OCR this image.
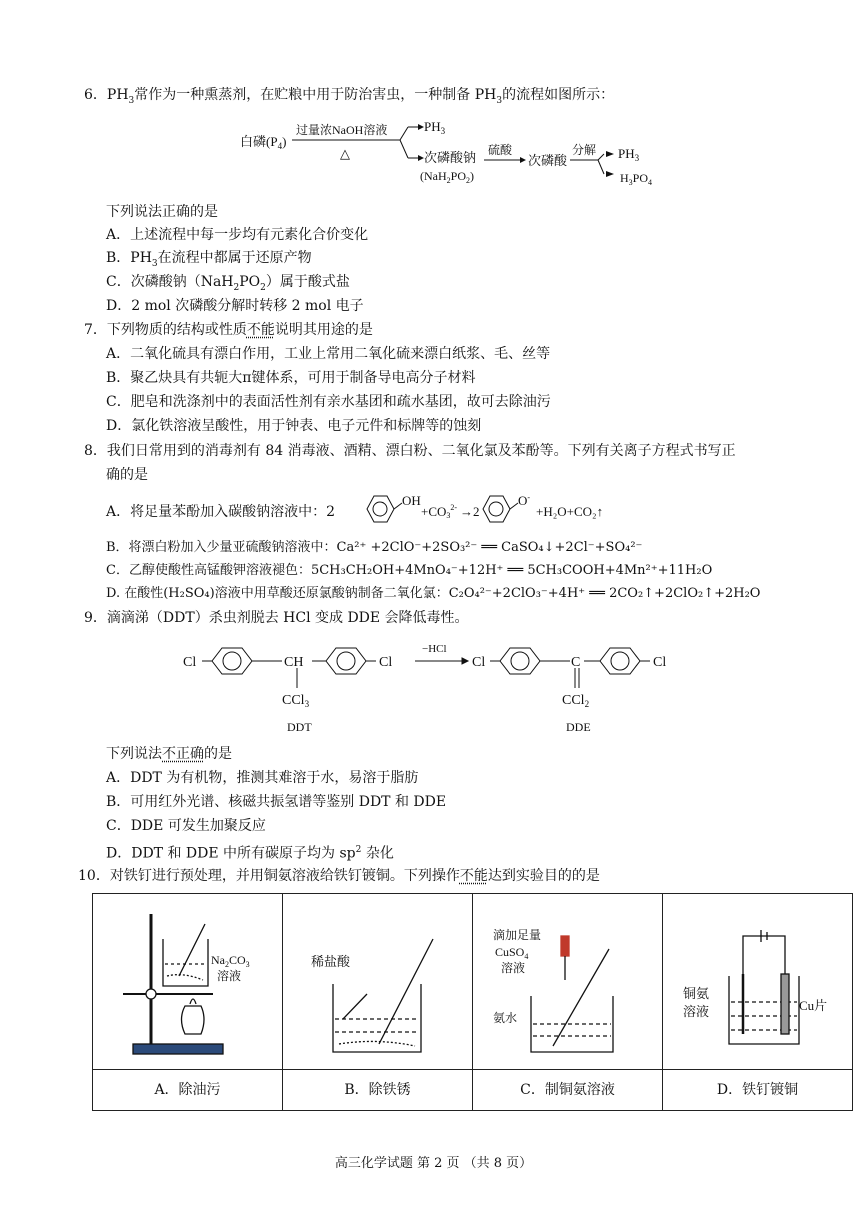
6．$PH_3$常作为一种熏蒸剂，在贮粮中用于防治害虫，一种制备 $PH_3$的流程如图所示：
白磷$(P_4)$
过量浓NaOH溶液
△
$PH_3$
次磷酸钠
$(NaH_2PO_2)$
硫酸
次磷酸
分解 $PH_3$
$H_3PO_4$
下列说法正确的是
A．上述流程中每一步均有元素化合价变化
B．$PH_3$在流程中都属于还原产物
C．次磷酸钠$(NaH_2PO_2)$属于酸式盐
D．2 mol 次磷酸分解时转移 2 mol 电子
7．下列物质的结构或性质不能说明其用途的是
A．二氧化硫具有漂白作用，工业上常用二氧化硫来漂白纸浆、毛、丝等
B．聚乙炔具有共轭大π键体系，可用于制备导电高分子材料
C．肥皂和洗涤剂中的表面活性剂有亲水基团和疏水基团，故可去除油污
D．氯化铁溶液呈酸性，用于钟表、电子元件和标牌等的蚀刻
8．我们日常用到的消毒剂有 84 消毒液、酒精、漂白粉、二氧化氯及苯酚等。下列有关离子方程式书写正
确的是
A．将足量苯酚加入碳酸钠溶液中：2
OH
$+CO3^{2-} \to 2$
O-
+H₂O+CO₂↑
B．将漂白粉加入少量亚硫酸钠溶液中：Ca²⁺ +2ClO⁻+2SO₃²⁻ ══ CaSO₄↓+2Cl⁻+SO₄²⁻
C．乙醇使酸性高锰酸钾溶液褪色：5CH₃CH₂OH+4MnO₄⁻+12H⁺ ══ 5CH₃COOH+4Mn²⁺+11H₂O
D. 在酸性(H₂SO₄)溶液中用草酸还原氯酸钠制备二氧化氯：C₂O₄²⁻+2ClO₃⁻+4H⁺ ══ 2CO₂↑+2ClO₂↑+2H₂O
9．滴滴涕（DDT）杀虫剂脱去 HCl 变成 DDE 会降低毒性。
Cl	CH	Cl
CCl$_3$
DDT
−HCl
Cl	C	Cl
CCl$_2$
DDE
下列说法不正确的是
A．DDT 为有机物，推测其难溶于水，易溶于脂肪
B．可用红外光谱、核磁共振氢谱等鉴别 DDT 和 DDE
C．DDE 可发生加聚反应
D．DDT 和 DDE 中所有碳原子均为 $sp^2$ 杂化
10．对铁钉进行预处理，并用铜氨溶液给铁钉镀铜。下列操作不能达到实验目的的是
$Na_2CO_3$
溶液	稀盐酸	滴加足量
CuSO$_4$
溶液
氨水	铜氨
溶液 Cu片

A．除油污	B．除铁锈	C．制铜氨溶液	D．铁钉镀铜
高三化学试题 第 2 页 （共 8 页）
